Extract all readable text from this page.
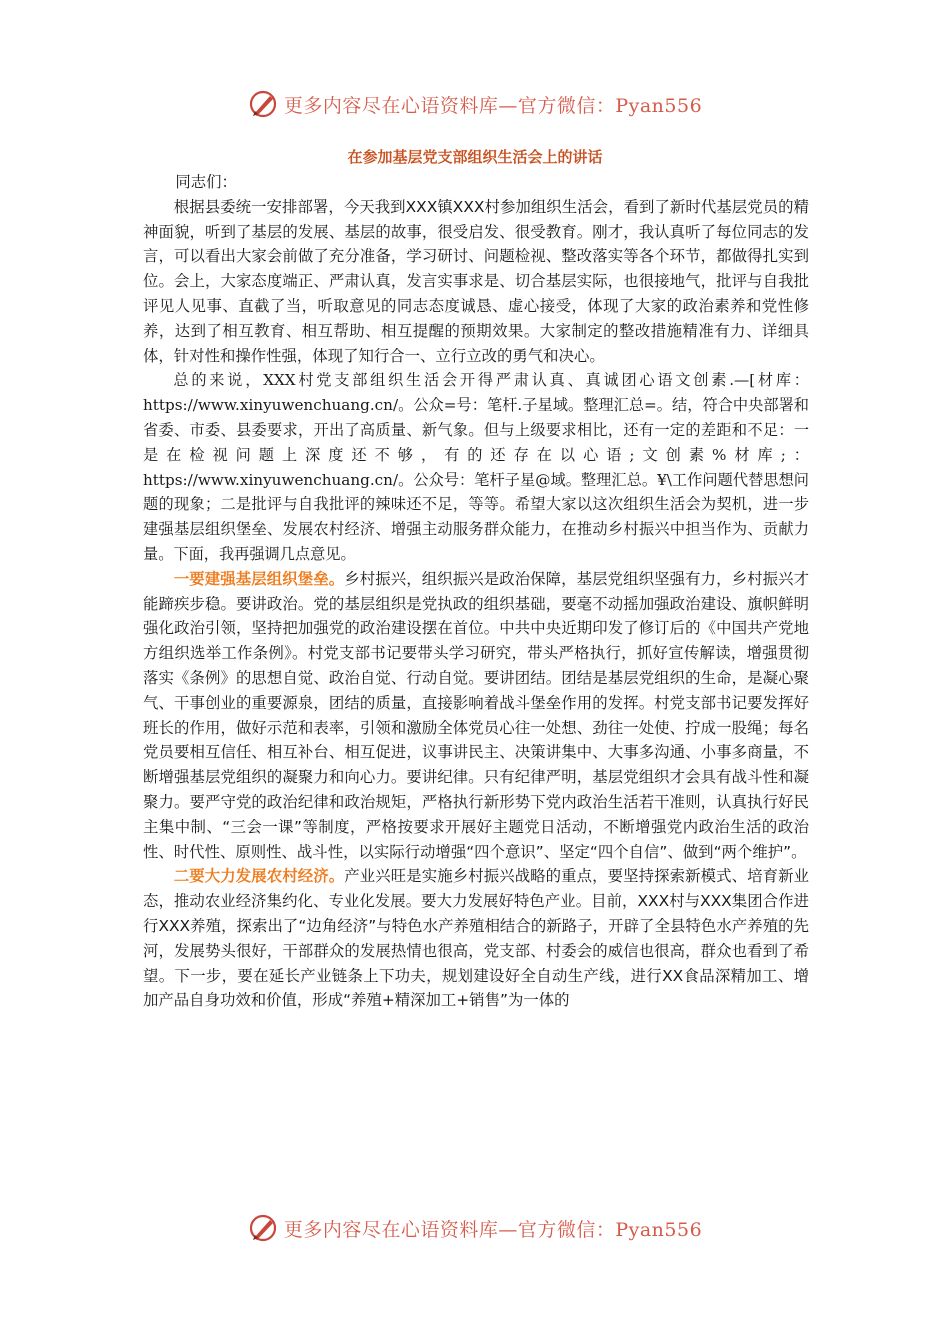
更多内容尽在心语资料库—官方微信：Pyan556
在参加基层党支部组织生活会上的讲话

同志们：

根据县委统一安排部署，今天我到XXX镇XXX村参加组织生活会，看到了新时代基层党员的精神面貌，听到了基层的发展、基层的故事，很受启发、很受教育。刚才，我认真听了每位同志的发言，可以看出大家会前做了充分准备，学习研讨、问题检视、整改落实等各个环节，都做得扎实到位。会上，大家态度端正、严肃认真，发言实事求是、切合基层实际，也很接地气，批评与自我批评见人见事、直截了当，听取意见的同志态度诚恳、虚心接受，体现了大家的政治素养和党性修养，达到了相互教育、相互帮助、相互提醒的预期效果。大家制定的整改措施精准有力、详细具体，针对性和操作性强，体现了知行合一、立行立改的勇气和决心。

总的来说，XXX村党支部组织生活会开得严肃认真、真诚团心语文创素.—[材库：https://www.xinyuwenchuang.cn/。公众=号：笔杆.子星域。整理汇总=。结，符合中央部署和省委、市委、县委要求，开出了高质量、新气象。但与上级要求相比，还有一定的差距和不足：一是在检视问题上深度还不够，有的还存在以心语;文创素%材库;：https://www.xinyuwenchuang.cn/。公众号：笔杆子星@域。整理汇总。¥\工作问题代替思想问题的现象；二是批评与自我批评的辣味还不足，等等。希望大家以这次组织生活会为契机，进一步建强基层组织堡垒、发展农村经济、增强主动服务群众能力，在推动乡村振兴中担当作为、贡献力量。下面，我再强调几点意见。

一要建强基层组织堡垒。乡村振兴，组织振兴是政治保障，基层党组织坚强有力，乡村振兴才能蹄疾步稳。要讲政治。党的基层组织是党执政的组织基础，要毫不动摇加强政治建设、旗帜鲜明强化政治引领，坚持把加强党的政治建设摆在首位。中共中央近期印发了修订后的《中国共产党地方组织选举工作条例》。村党支部书记要带头学习研究，带头严格执行，抓好宣传解读，增强贯彻落实《条例》的思想自觉、政治自觉、行动自觉。要讲团结。团结是基层党组织的生命，是凝心聚气、干事创业的重要源泉，团结的质量，直接影响着战斗堡垒作用的发挥。村党支部书记要发挥好班长的作用，做好示范和表率，引领和激励全体党员心往一处想、劲往一处使、拧成一股绳；每名党员要相互信任、相互补台、相互促进，议事讲民主、决策讲集中、大事多沟通、小事多商量，不断增强基层党组织的凝聚力和向心力。要讲纪律。只有纪律严明，基层党组织才会具有战斗性和凝聚力。要严守党的政治纪律和政治规矩，严格执行新形势下党内政治生活若干准则，认真执行好民主集中制、“三会一课”等制度，严格按要求开展好主题党日活动，不断增强党内政治生活的政治性、时代性、原则性、战斗性，以实际行动增强“四个意识”、坚定“四个自信”、做到“两个维护”。

二要大力发展农村经济。产业兴旺是实施乡村振兴战略的重点，要坚持探索新模式、培育新业态，推动农业经济集约化、专业化发展。要大力发展好特色产业。目前，XXX村与XXX集团合作进行XXX养殖，探索出了“边角经济”与特色水产养殖相结合的新路子，开辟了全县特色水产养殖的先河，发展势头很好，干部群众的发展热情也很高，党支部、村委会的威信也很高，群众也看到了希望。下一步，要在延长产业链条上下功夫，规划建设好全自动生产线，进行XX食品深精加工、增加产品自身功效和价值，形成“养殖+精深加工+销售”为一体的

更多内容尽在心语资料库—官方微信：Pyan556
